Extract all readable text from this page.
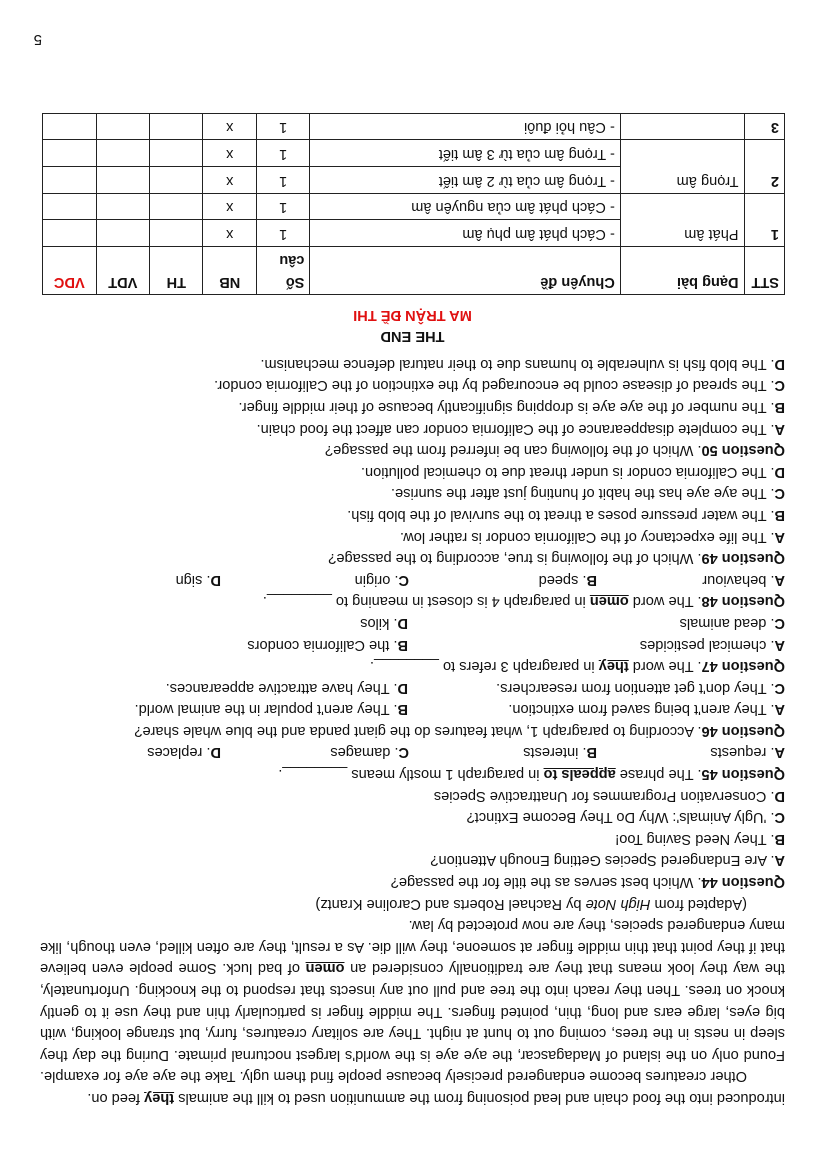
introduced into the food chain and lead poisoning from the ammunition used to kill the animals they feed on.

Other creatures become endangered precisely because people find them ugly. Take the aye aye for example. Found only on the island of Madagascar, the aye aye is the world's largest nocturnal primate. During the day they sleep in nests in the trees, coming out to hunt at night. They are solitary creatures, furry, but strange looking, with big eyes, large ears and long, thin, pointed fingers. The middle finger is particularly thin and they use it to gently knock on trees. Then they reach into the tree and pull out any insects that respond to the knocking. Unfortunately, the way they look means that they are traditionally considered an omen of bad luck. Some people even believe that if they point that thin middle finger at someone, they will die. As a result, they are often killed, even though, like many endangered species, they are now protected by law.

(Adapted from High Note by Rachael Roberts and Caroline Krantz)

Question 44. Which best serves as the title for the passage?

A. Are Endangered Species Getting Enough Attention?
B. They Need Saving Too!
C. 'Ugly Animals': Why Do They Become Extinct?
D. Conservation Programmes for Unattractive Species

Question 45. The phrase appeals to in paragraph 1 mostly means ________.

A. requests
B. interests
C. damages
D. replaces

Question 46. According to paragraph 1, what features do the giant panda and the blue whale share?

A. They aren't being saved from extinction.
B. They aren't popular in the animal world.
C. They don't get attention from researchers.
D. They have attractive appearances.

Question 47. The word they in paragraph 3 refers to ________.

A. chemical pesticides
B. the California condors
C. dead animals
D. kilos

Question 48. The word omen in paragraph 4 is closest in meaning to ________.

A. behaviour
B. speed
C. origin
D. sign

Question 49. Which of the following is true, according to the passage?

A. The life expectancy of the California condor is rather low.
B. The water pressure poses a threat to the survival of the blob fish.
C. The aye aye has the habit of hunting just after the sunrise.
D. The California condor is under threat due to chemical pollution.

Question 50. Which of the following can be inferred from the passage?

A. The complete disappearance of the California condor can affect the food chain.
B. The number of the aye aye is dropping significantly because of their middle finger.
C. The spread of disease could be encouraged by the extinction of the California condor.
D. The blob fish is vulnerable to humans due to their natural defence mechanism.
THE END
MA TRẬN ĐỀ THI
STT	Dạng bài	Chuyên đề	Số câu	NB	TH	VDT	VDC
1	Phát âm	- Cách phát âm phụ âm	1	x			
		- Cách phát âm của nguyên âm	1	x			
2	Trọng âm	- Trọng âm của từ 2 âm tiết	1	x			
		- Trọng âm của từ 3 âm tiết	1	x			
3		- Câu hỏi đuôi	1	x			
5
